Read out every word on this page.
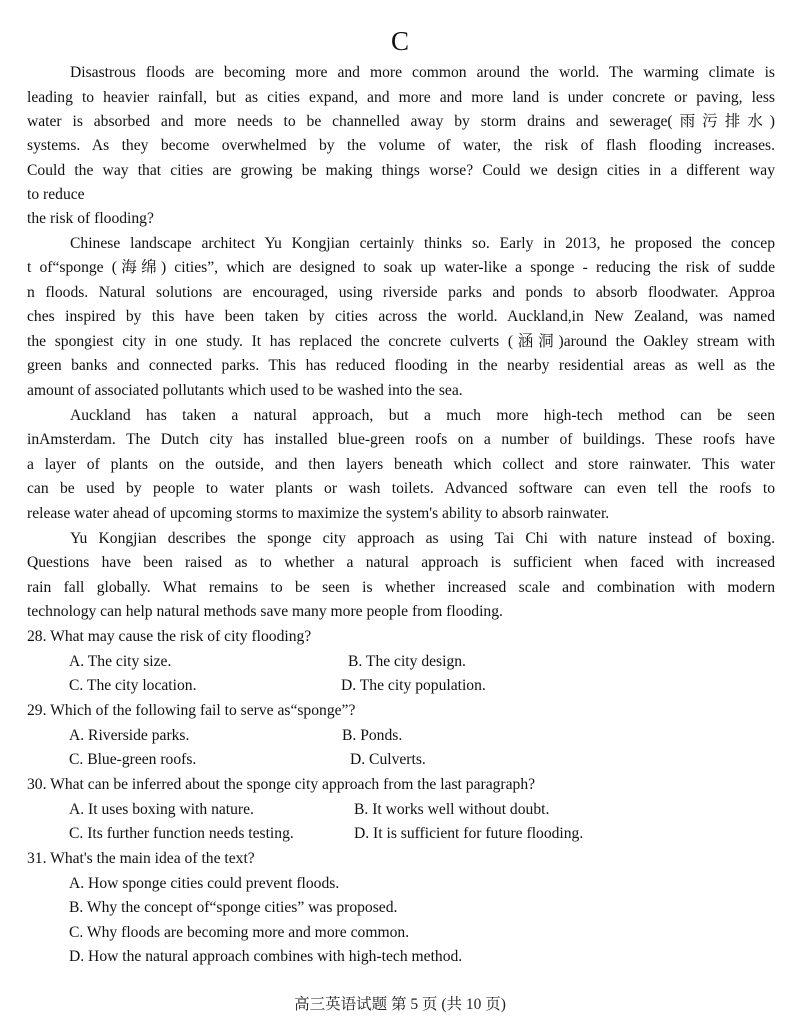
C
Disastrous floods are becoming more and more common around the world. The warming climate is
leading to heavier rainfall, but as cities expand, and more and more land is under concrete or paving, less
water is absorbed and more needs to be channelled away by storm drains and sewerage(雨污排水)
systems. As they become overwhelmed by the volume of water, the risk of flash flooding increases.
Could the way that cities are growing be making things worse? Could we design cities in a different way
to reduce
the risk of flooding?
Chinese landscape architect Yu Kongjian certainly thinks so. Early in 2013, he proposed the concep
t of“sponge (海绵) cities”, which are designed to soak up water-like a sponge - reducing the risk of sudde
n floods. Natural solutions are encouraged, using riverside parks and ponds to absorb floodwater. Approa
ches inspired by this have been taken by cities across the world. Auckland,in New Zealand, was named
the spongiest city in one study. It has replaced the concrete culverts (涵洞)around the Oakley stream with
green banks and connected parks. This has reduced flooding in the nearby residential areas as well as the
amount of associated pollutants which used to be washed into the sea.
Auckland has taken a natural approach, but a much more high-tech method can be seen
inAmsterdam. The Dutch city has installed blue-green roofs on a number of buildings. These roofs have
a layer of plants on the outside, and then layers beneath which collect and store rainwater. This water
can be used by people to water plants or wash toilets. Advanced software can even tell the roofs to
release water ahead of upcoming storms to maximize the system's ability to absorb rainwater.
Yu Kongjian describes the sponge city approach as using Tai Chi with nature instead of boxing.
Questions have been raised as to whether a natural approach is sufficient when faced with increased
rain fall globally. What remains to be seen is whether increased scale and combination with modern
technology can help natural methods save many more people from flooding.
28. What may cause the risk of city flooding?
A. The city size.	B. The city design.
C. The city location.	D. The city population.
29. Which of the following fail to serve as“sponge”?
A. Riverside parks.	B. Ponds.
C. Blue-green roofs.	D. Culverts.
30. What can be inferred about the sponge city approach from the last paragraph?
A. It uses boxing with nature.	B. It works well without doubt.
C. Its further function needs testing.	D. It is sufficient for future flooding.
31. What's the main idea of the text?
A. How sponge cities could prevent floods.
B. Why the concept of“sponge cities” was proposed.
C. Why floods are becoming more and more common.
D. How the natural approach combines with high-tech method.
高三英语试题 第 5 页 (共 10 页)
